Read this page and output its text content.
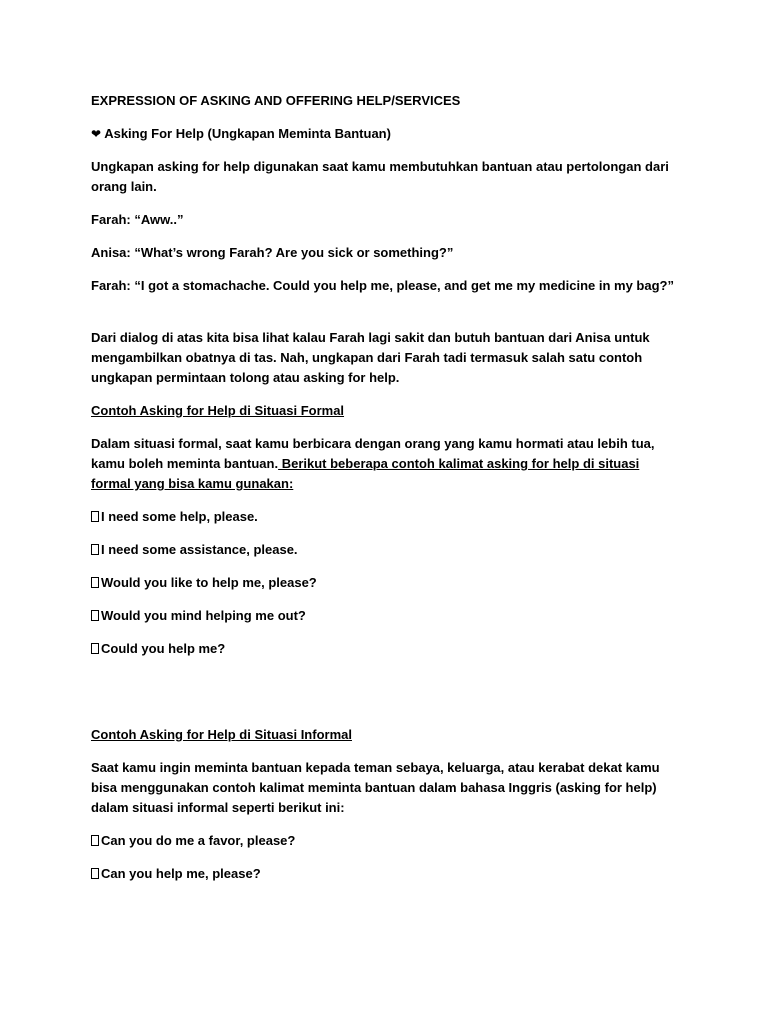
EXPRESSION OF ASKING AND OFFERING HELP/SERVICES

❤ Asking For Help (Ungkapan Meminta Bantuan)

Ungkapan asking for help digunakan saat kamu membutuhkan bantuan atau pertolongan dari orang lain.

Farah: “Aww..”

Anisa: “What’s wrong Farah? Are you sick or something?”

Farah: “I got a stomachache. Could you help me, please, and get me my medicine in my bag?”

Dari dialog di atas kita bisa lihat kalau Farah lagi sakit dan butuh bantuan dari Anisa untuk mengambilkan obatnya di tas. Nah, ungkapan dari Farah tadi termasuk salah satu contoh ungkapan permintaan tolong atau asking for help.

Contoh Asking for Help di Situasi Formal

Dalam situasi formal, saat kamu berbicara dengan orang yang kamu hormati atau lebih tua, kamu boleh meminta bantuan. Berikut beberapa contoh kalimat asking for help di situasi formal yang bisa kamu gunakan:

I need some help, please.

I need some assistance, please.

Would you like to help me, please?

Would you mind helping me out?

Could you help me?

Contoh Asking for Help di Situasi Informal

Saat kamu ingin meminta bantuan kepada teman sebaya, keluarga, atau kerabat dekat kamu bisa menggunakan contoh kalimat meminta bantuan dalam bahasa Inggris (asking for help) dalam situasi informal seperti berikut ini:

Can you do me a favor, please?

Can you help me, please?
